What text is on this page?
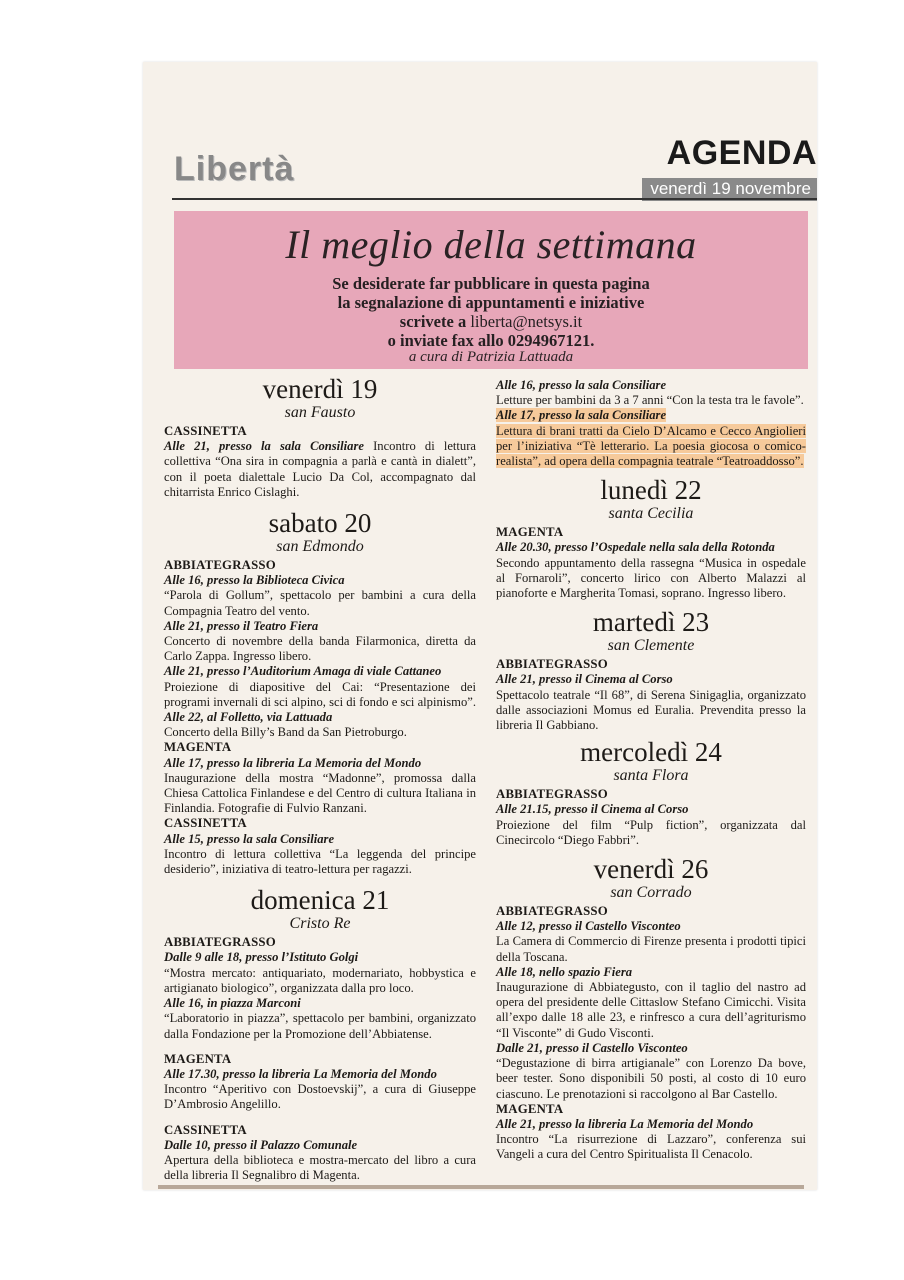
Libertà	AGENDA
venerdì 19 novembre
Il meglio della settimana
Se desiderate far pubblicare in questa pagina
la segnalazione di appuntamenti e iniziative
scrivete a liberta@netsys.it
o inviate fax allo 0294967121.
a cura di Patrizia Lattuada
venerdì 19
san Fausto
CASSINETTA

Alle 21, presso la sala Consiliare Incontro di lettura collettiva “Ona sira in compagnia a parlà e cantà in dialett”, con il poeta dialettale Lucio Da Col, accompagnato dal chitarrista Enrico Cislaghi.

sabato 20
san Edmondo
ABBIATEGRASSO

Alle 16, presso la Biblioteca Civica

“Parola di Gollum”, spettacolo per bambini a cura della Compagnia Teatro del vento.

Alle 21, presso il Teatro Fiera

Concerto di novembre della banda Filarmonica, diretta da Carlo Zappa. Ingresso libero.

Alle 21, presso l’Auditorium Amaga di viale Cattaneo

Proiezione di diapositive del Cai: “Presentazione dei programi invernali di sci alpino, sci di fondo e sci alpinismo”.

Alle 22, al Folletto, via Lattuada

Concerto della Billy’s Band da San Pietroburgo.

MAGENTA

Alle 17, presso la libreria La Memoria del Mondo

Inaugurazione della mostra “Madonne”, promossa dalla Chiesa Cattolica Finlandese e del Centro di cultura Italiana in Finlandia. Fotografie di Fulvio Ranzani.

CASSINETTA

Alle 15, presso la sala Consiliare

Incontro di lettura collettiva “La leggenda del principe desiderio”, iniziativa di teatro-lettura per ragazzi.

domenica 21
Cristo Re
ABBIATEGRASSO

Dalle 9 alle 18, presso l’Istituto Golgi

“Mostra mercato: antiquariato, modernariato, hobbystica e artigianato biologico”, organizzata dalla pro loco.

Alle 16, in piazza Marconi

“Laboratorio in piazza”, spettacolo per bambini, organizzato dalla Fondazione per la Promozione dell’Abbiatense.

MAGENTA

Alle 17.30, presso la libreria La Memoria del Mondo

Incontro “Aperitivo con Dostoevskij”, a cura di Giuseppe D’Ambrosio Angelillo.

CASSINETTA

Dalle 10, presso il Palazzo Comunale

Apertura della biblioteca e mostra-mercato del libro a cura della libreria Il Segnalibro di Magenta.

Alle 16, presso la sala Consiliare

Letture per bambini da 3 a 7 anni “Con la testa tra le favole”.

Alle 17, presso la sala Consiliare

Lettura di brani tratti da Cielo D’Alcamo e Cecco Angiolieri per l’iniziativa “Tè letterario. La poesia giocosa o comico-realista”, ad opera della compagnia teatrale “Teatroaddosso”.

lunedì 22
santa Cecilia
MAGENTA

Alle 20.30, presso l’Ospedale nella sala della Rotonda

Secondo appuntamento della rassegna “Musica in ospedale al Fornaroli”, concerto lirico con Alberto Malazzi al pianoforte e Margherita Tomasi, soprano. Ingresso libero.

martedì 23
san Clemente
ABBIATEGRASSO

Alle 21, presso il Cinema al Corso

Spettacolo teatrale “Il 68”, di Serena Sinigaglia, organizzato dalle associazioni Momus ed Euralia. Prevendita presso la libreria Il Gabbiano.

mercoledì 24
santa Flora
ABBIATEGRASSO

Alle 21.15, presso il Cinema al Corso

Proiezione del film “Pulp fiction”, organizzata dal Cinecircolo “Diego Fabbri”.

venerdì 26
san Corrado
ABBIATEGRASSO

Alle 12, presso il Castello Visconteo

La Camera di Commercio di Firenze presenta i prodotti tipici della Toscana.

Alle 18, nello spazio Fiera

Inaugurazione di Abbiategusto, con il taglio del nastro ad opera del presidente delle Cittaslow Stefano Cimicchi. Visita all’expo dalle 18 alle 23, e rinfresco a cura dell’agriturismo “Il Visconte” di Gudo Visconti.

Dalle 21, presso il Castello Visconteo

“Degustazione di birra artigianale” con Lorenzo Da bove, beer tester. Sono disponibili 50 posti, al costo di 10 euro ciascuno. Le prenotazioni si raccolgono al Bar Castello.

MAGENTA

Alle 21, presso la libreria La Memoria del Mondo

Incontro “La risurrezione di Lazzaro”, conferenza sui Vangeli a cura del Centro Spiritualista Il Cenacolo.
